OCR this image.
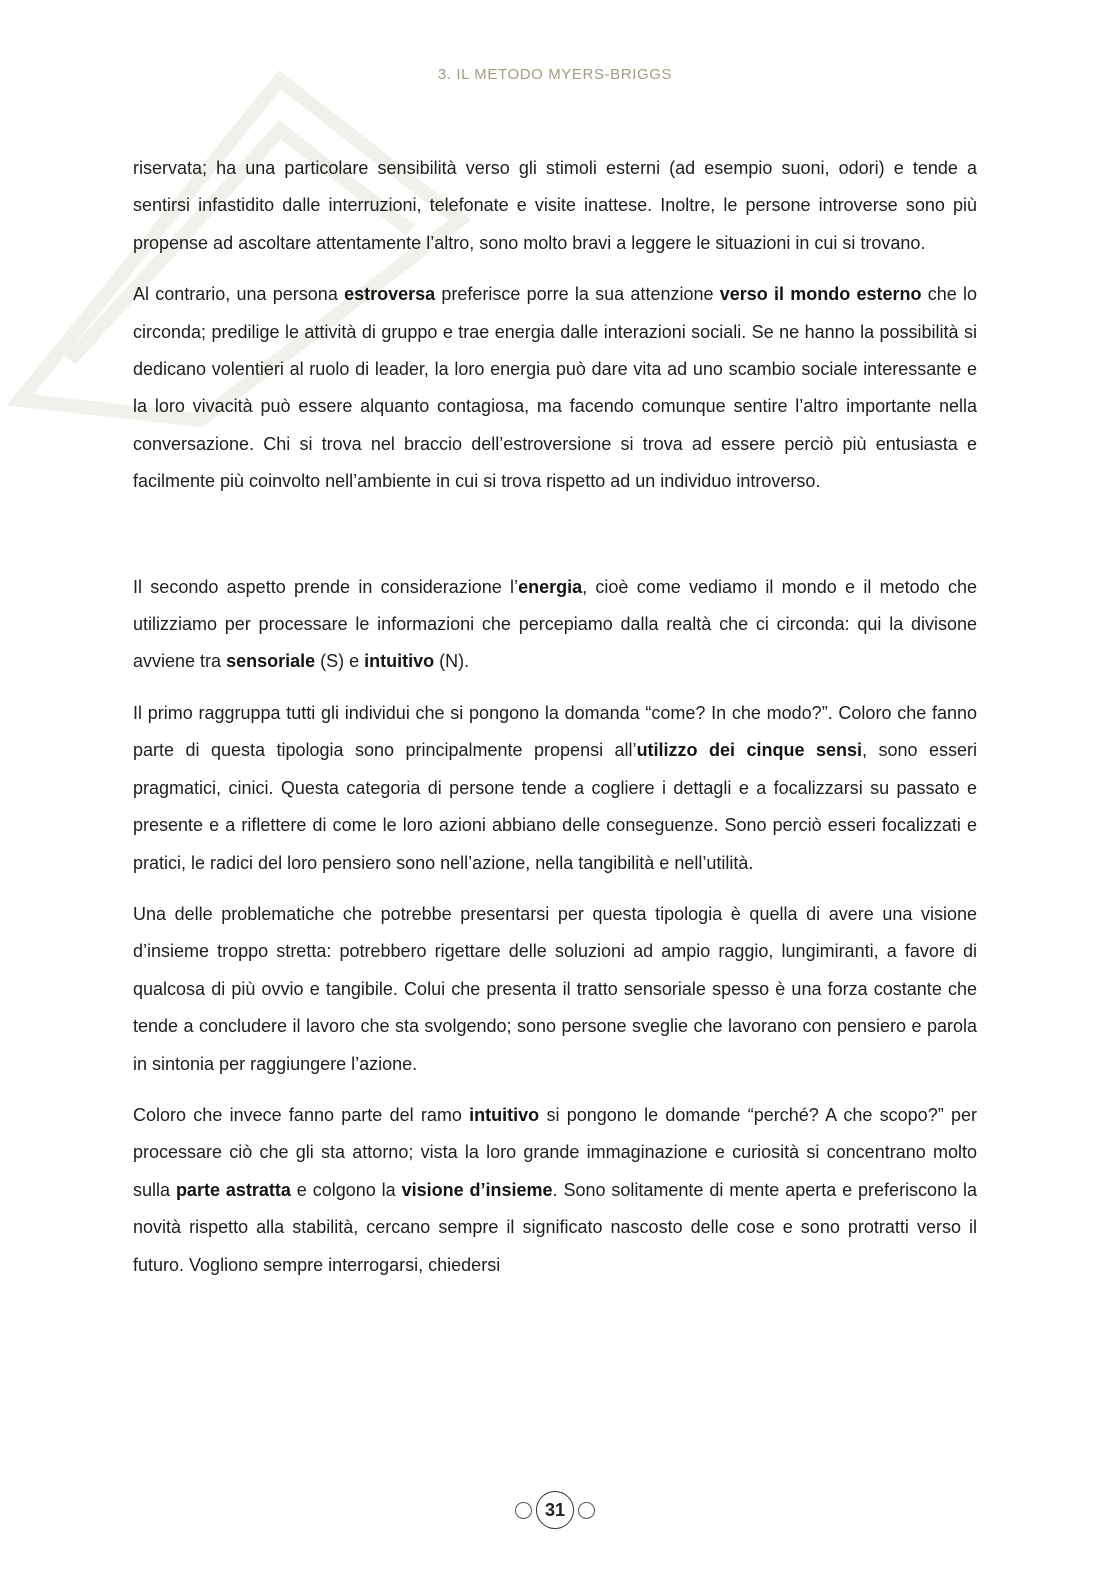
3. IL METODO MYERS-BRIGGS

riservata; ha una particolare sensibilità verso gli stimoli esterni (ad esempio suoni, odori) e tende a sentirsi infastidito dalle interruzioni, telefonate e visite inattese. Inoltre, le persone introverse sono più propense ad ascoltare attentamente l’altro, sono molto bravi a leggere le situazioni in cui si trovano.

Al contrario, una persona estroversa preferisce porre la sua attenzione verso il mondo esterno che lo circonda; predilige le attività di gruppo e trae energia dalle interazioni sociali. Se ne hanno la possibilità si dedicano volentieri al ruolo di leader, la loro energia può dare vita ad uno scambio sociale interessante e la loro vivacità può essere alquanto contagiosa, ma facendo comunque sentire l’altro importante nella conversazione. Chi si trova nel braccio dell’estroversione si trova ad essere perciò più entusiasta e facilmente più coinvolto nell’ambiente in cui si trova rispetto ad un individuo introverso.

Il secondo aspetto prende in considerazione l’energia, cioè come vediamo il mondo e il metodo che utilizziamo per processare le informazioni che percepiamo dalla realtà che ci circonda: qui la divisone avviene tra sensoriale (S) e intuitivo (N).

Il primo raggruppa tutti gli individui che si pongono la domanda “come? In che modo?”. Coloro che fanno parte di questa tipologia sono principalmente propensi all’utilizzo dei cinque sensi, sono esseri pragmatici, cinici. Questa categoria di persone tende a cogliere i dettagli e a focalizzarsi su passato e presente e a riflettere di come le loro azioni abbiano delle conseguenze. Sono perciò esseri focalizzati e pratici, le radici del loro pensiero sono nell’azione, nella tangibilità e nell’utilità.

Una delle problematiche che potrebbe presentarsi per questa tipologia è quella di avere una visione d’insieme troppo stretta: potrebbero rigettare delle soluzioni ad ampio raggio, lungimiranti, a favore di qualcosa di più ovvio e tangibile. Colui che presenta il tratto sensoriale spesso è una forza costante che tende a concludere il lavoro che sta svolgendo; sono persone sveglie che lavorano con pensiero e parola in sintonia per raggiungere l’azione.

Coloro che invece fanno parte del ramo intuitivo si pongono le domande “perché? A che scopo?” per processare ciò che gli sta attorno; vista la loro grande immaginazione e curiosità si concentrano molto sulla parte astratta e colgono la visione d’insieme. Sono solitamente di mente aperta e preferiscono la novità rispetto alla stabilità, cercano sempre il significato nascosto delle cose e sono protratti verso il futuro. Vogliono sempre interrogarsi, chiedersi

31
